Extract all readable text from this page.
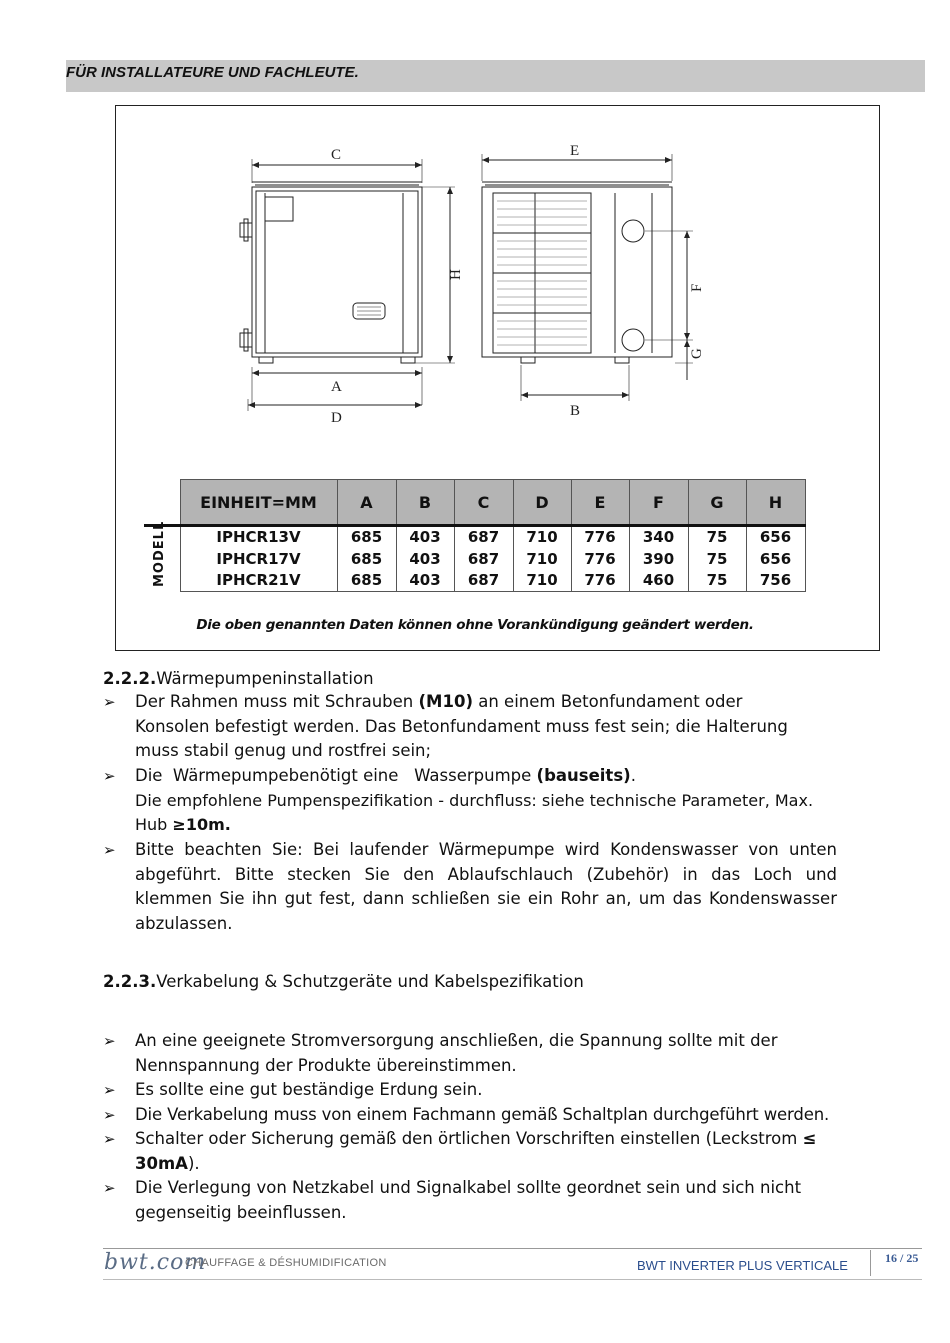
FÜR INSTALLATEURE UND FACHLEUTE.
C	E
H
A
D	B
F
G
	EINHEIT=MM	A	B	C	D	E	F	G	H

MODELL	IPHCR13V	685	403	687	710	776	340	75	656
	IPHCR17V	685	403	687	710	776	390	75	656
	IPHCR21V	685	403	687	710	776	460	75	756
Die oben genannten Daten können ohne Vorankündigung geändert werden.
2.2.2.Wärmepumpeninstallation
➢	Der Rahmen muss mit Schrauben (M10) an einem Betonfundament oder Konsolen befestigt werden. Das Betonfundament muss fest sein; die Halterung muss stabil genug und rostfrei sein;
➢	Die  Wärmepumpebenötigt eine   Wasserpumpe (bauseits).
Die empfohlene Pumpenspezifikation - durchfluss: siehe technische Parameter, Max. Hub ≥10m.
➢	Bitte beachten Sie: Bei laufender Wärmepumpe wird Kondenswasser von unten abgeführt. Bitte stecken Sie den Ablaufschlauch (Zubehör) in das Loch und klemmen Sie ihn gut fest, dann schließen sie ein Rohr an, um das Kondenswasser abzulassen.
2.2.3.Verkabelung & Schutzgeräte und Kabelspezifikation
➢	An eine geeignete Stromversorgung anschließen, die Spannung sollte mit der Nennspannung der Produkte übereinstimmen.
➢	Es sollte eine gut beständige Erdung sein.
➢	Die Verkabelung muss von einem Fachmann gemäß Schaltplan durchgeführt werden.
➢	Schalter oder Sicherung gemäß den örtlichen Vorschriften einstellen (Leckstrom ≤ 30mA).
➢	Die Verlegung von Netzkabel und Signalkabel sollte geordnet sein und sich nicht gegenseitig beeinflussen.
bwt.com
CHAUFFAGE & DÉSHUMIDIFICATION	BWT INVERTER PLUS VERTICALE	16 / 25
